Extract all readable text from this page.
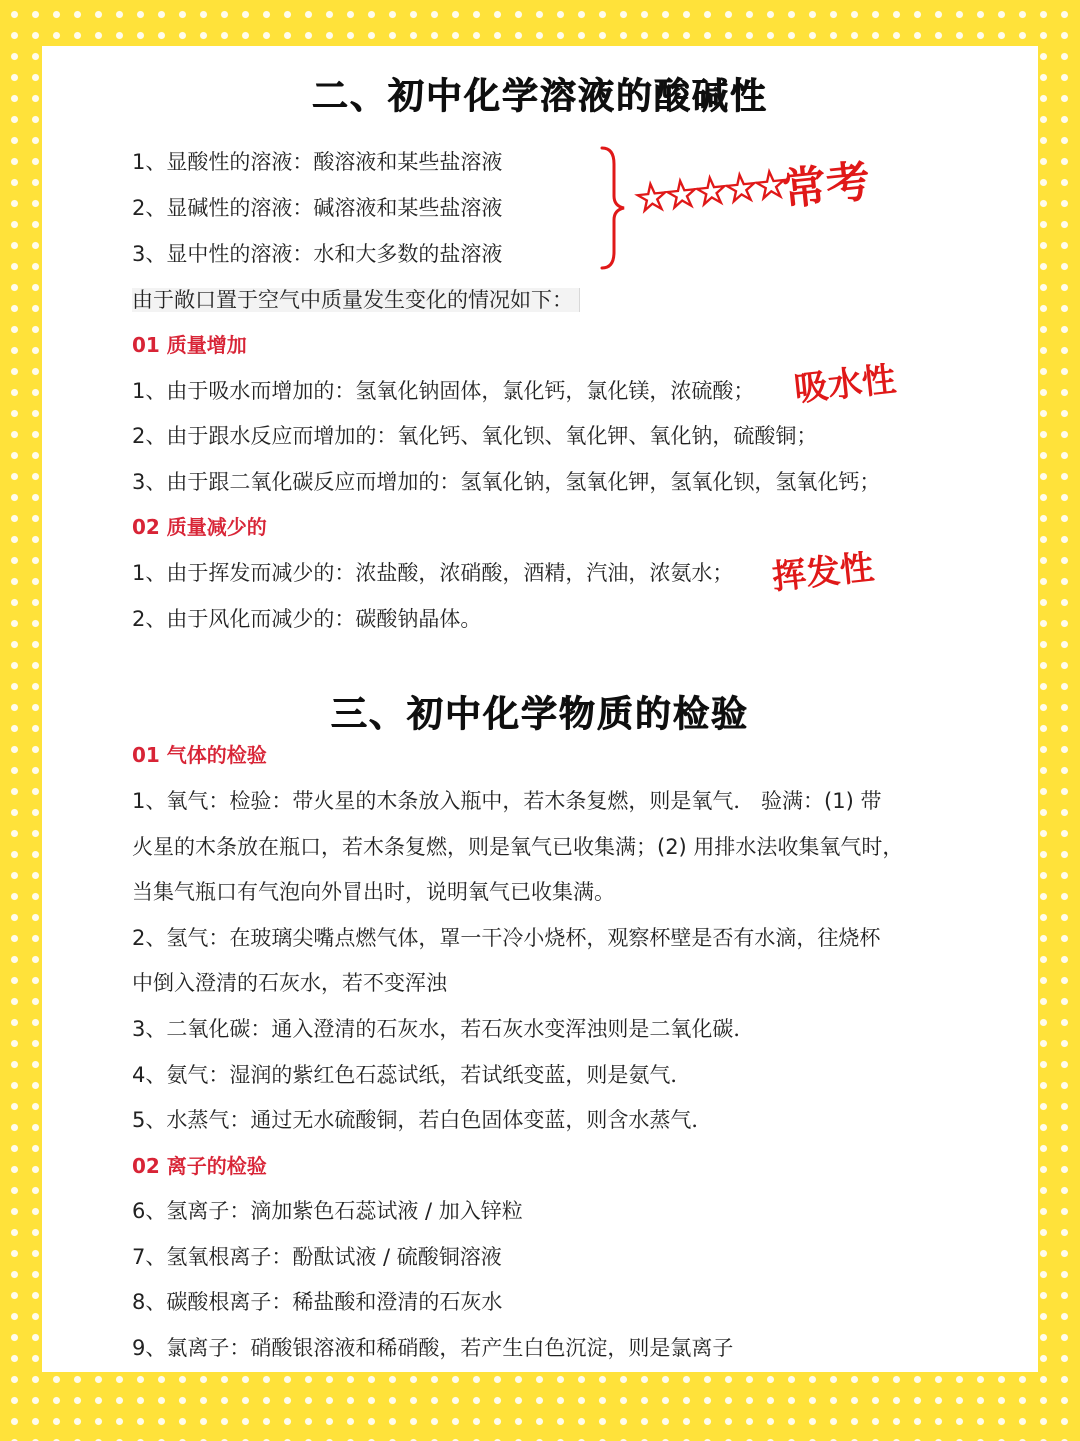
二、初中化学溶液的酸碱性
1、显酸性的溶液：酸溶液和某些盐溶液
2、显碱性的溶液：碱溶液和某些盐溶液
3、显中性的溶液：水和大多数的盐溶液
☆☆☆☆☆
常考
由于敞口置于空气中质量发生变化的情况如下：
01 质量增加
1、由于吸水而增加的：氢氧化钠固体，氯化钙，氯化镁，浓硫酸； 吸水性
2、由于跟水反应而增加的：氧化钙、氧化钡、氧化钾、氧化钠，硫酸铜；
3、由于跟二氧化碳反应而增加的：氢氧化钠，氢氧化钾，氢氧化钡，氢氧化钙；
02 质量减少的
1、由于挥发而减少的：浓盐酸，浓硝酸，酒精，汽油，浓氨水； 挥发性
2、由于风化而减少的：碳酸钠晶体。
三、初中化学物质的检验
01 气体的检验
1、氧气：检验：带火星的木条放入瓶中，若木条复燃，则是氧气． 验满：(1) 带
火星的木条放在瓶口，若木条复燃，则是氧气已收集满；(2) 用排水法收集氧气时，
当集气瓶口有气泡向外冒出时，说明氧气已收集满。
2、氢气：在玻璃尖嘴点燃气体，罩一干冷小烧杯，观察杯壁是否有水滴，往烧杯
中倒入澄清的石灰水，若不变浑浊
3、二氧化碳：通入澄清的石灰水，若石灰水变浑浊则是二氧化碳．
4、氨气：湿润的紫红色石蕊试纸，若试纸变蓝，则是氨气．
5、水蒸气：通过无水硫酸铜，若白色固体变蓝，则含水蒸气．
02 离子的检验
6、氢离子：滴加紫色石蕊试液 / 加入锌粒
7、氢氧根离子：酚酞试液 / 硫酸铜溶液
8、碳酸根离子：稀盐酸和澄清的石灰水
9、氯离子：硝酸银溶液和稀硝酸，若产生白色沉淀，则是氯离子
